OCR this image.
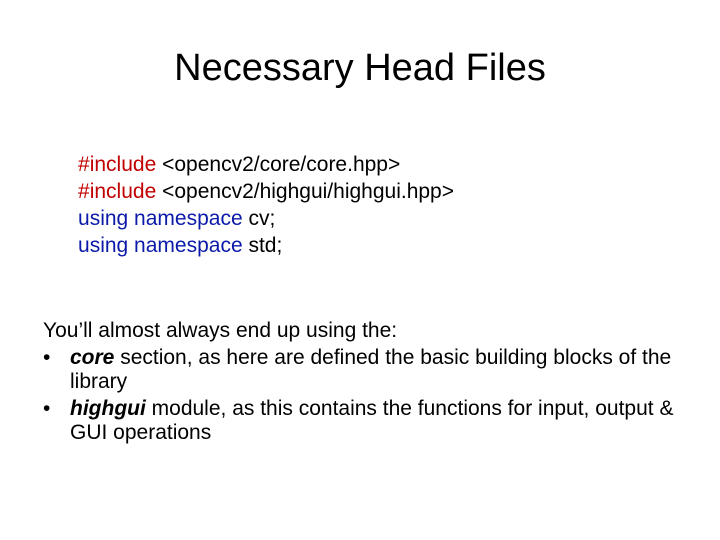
Necessary Head Files

#include <opencv2/core/core.hpp>

#include <opencv2/highgui/highgui.hpp>

using namespace cv;

using namespace std;

You’ll almost always end up using the:
• core section, as here are defined the basic building blocks of the library
• highgui module, as this contains the functions for input, output & GUI operations
